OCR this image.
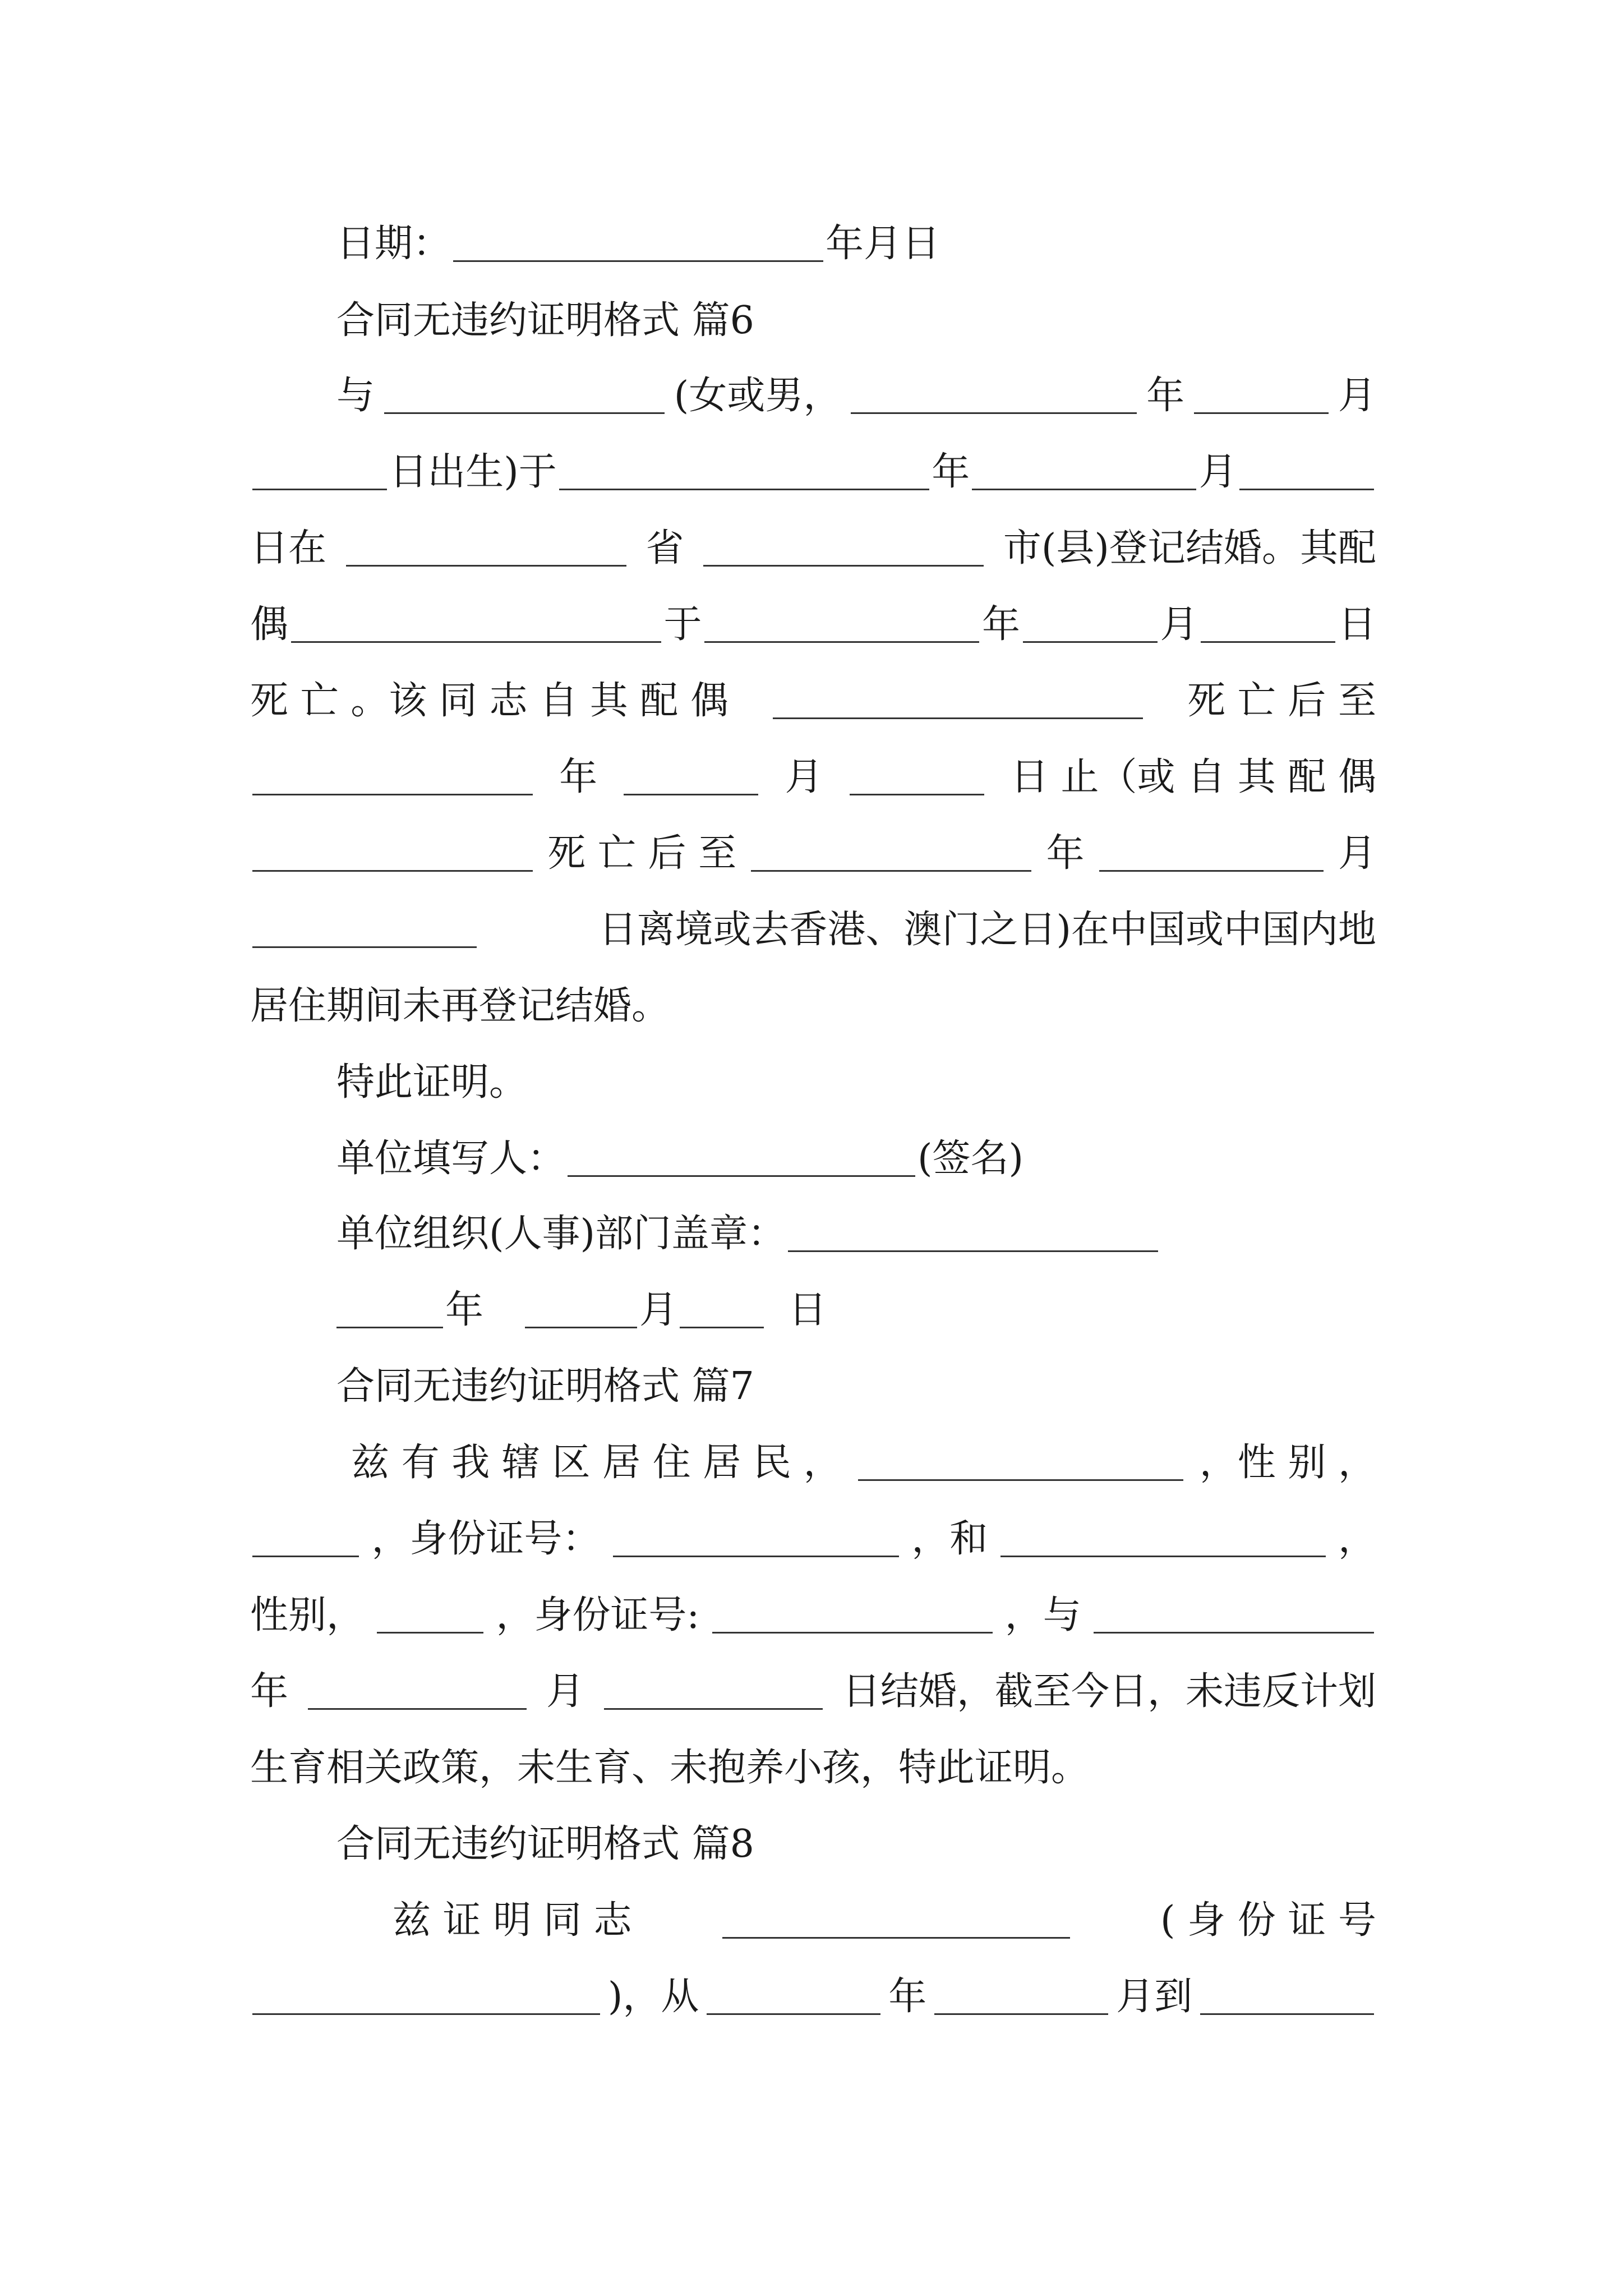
日期：	年月日
合同无违约证明格式 篇6
与	(女或男，	年	月
日出生)于	年	月
日在	省	市(县)登记结婚。其配
偶	于	年	月	日
死 亡 。该 同 志 自 其 配 偶	死 亡 后 至
年	月	日 止（或 自 其 配 偶
死 亡 后 至	年	月
日离境或去香港、澳门之日)在中国或中国内地
居住期间未再登记结婚。
特此证明。
单位填写人：	(签名)
单位组织(人事)部门盖章：
年	月	日
合同无违约证明格式 篇7
兹 有 我 辖 区 居 住 居 民 ，	，性 别 ，
，身份证号：	，和	，
性别，	，身份证号:	，与
年	月	日结婚，截至今日，未违反计划
生育相关政策，未生育、未抱养小孩，特此证明。
合同无违约证明格式 篇8
兹 证 明 同 志	( 身 份 证 号
)，从	年	月到
